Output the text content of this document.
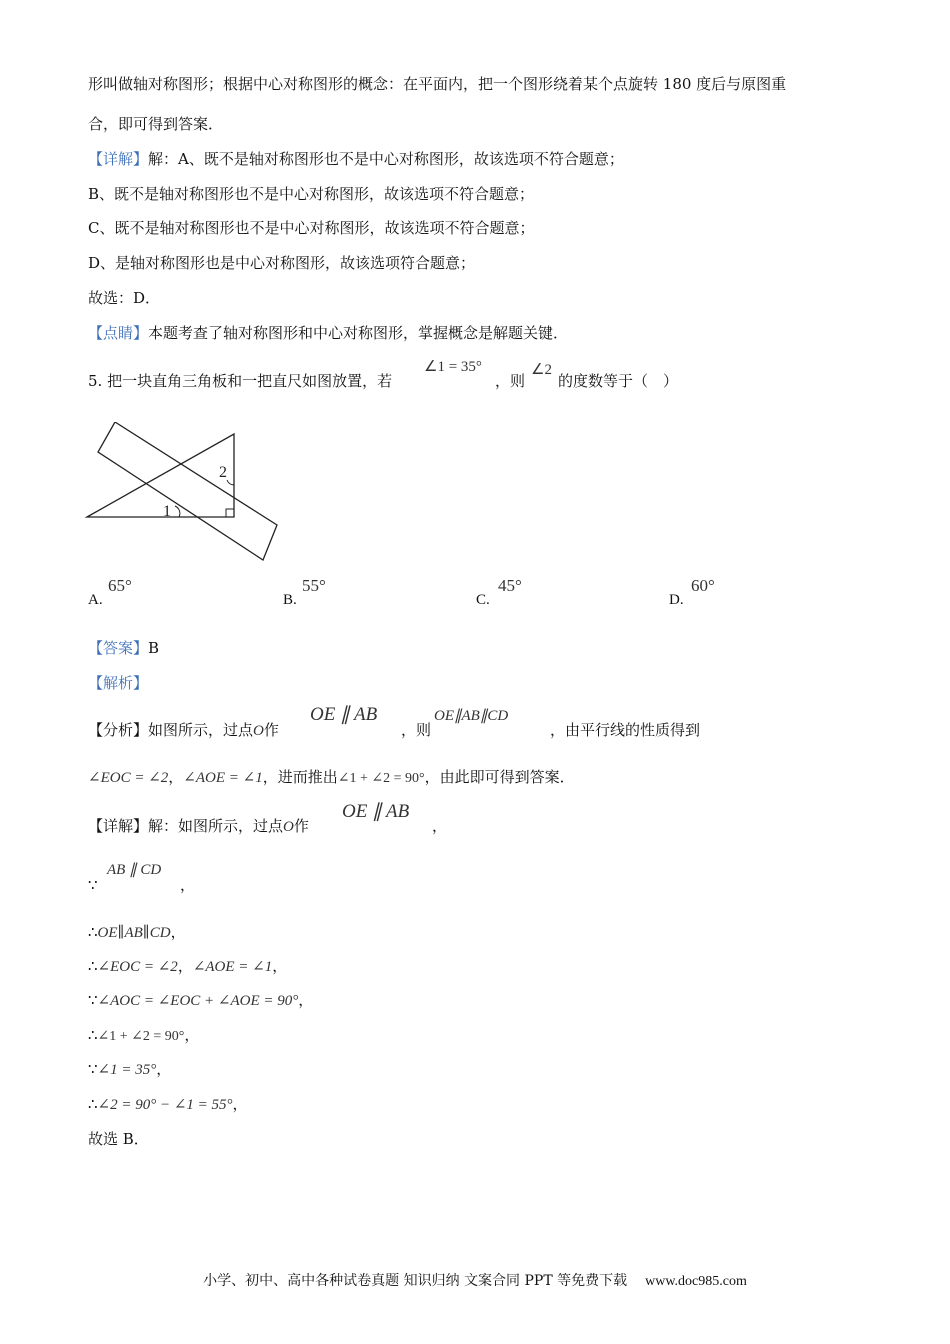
形叫做轴对称图形；根据中心对称图形的概念：在平面内，把一个图形绕着某个点旋转 180 度后与原图重
合，即可得到答案．
【详解】解：A、既不是轴对称图形也不是中心对称图形，故该选项不符合题意；
B、既不是轴对称图形也不是中心对称图形，故该选项不符合题意；
C、既不是轴对称图形也不是中心对称图形，故该选项不符合题意；
D、是轴对称图形也是中心对称图形，故该选项符合题意；
故选：D．
【点睛】本题考查了轴对称图形和中心对称图形，掌握概念是解题关键．
5. 把一块直角三角板和一把直尺如图放置，若
∠1 = 35°
，则
∠2
的度数等于（　）
1
2
A.
65°
B.
55°
C.
45°
D.
60°
【答案】B
【解析】
【分析】如图所示，过点O作
OE ∥ AB
，则
OE∥AB∥CD
，由平行线的性质得到
∠EOC = ∠2，∠AOE = ∠1，进而推出∠1 + ∠2 = 90°，由此即可得到答案．
【详解】解：如图所示，过点O作
OE ∥ AB
，
∵
AB ∥ CD
，
∴OE∥AB∥CD，
∴∠EOC = ∠2，∠AOE = ∠1，
∵∠AOC = ∠EOC + ∠AOE = 90°，
∴∠1 + ∠2 = 90°，
∵∠1 = 35°，
∴∠2 = 90° − ∠1 = 55°，
故选 B．
小学、初中、高中各种试卷真题 知识归纳 文案合同 PPT 等免费下载 www.doc985.com
